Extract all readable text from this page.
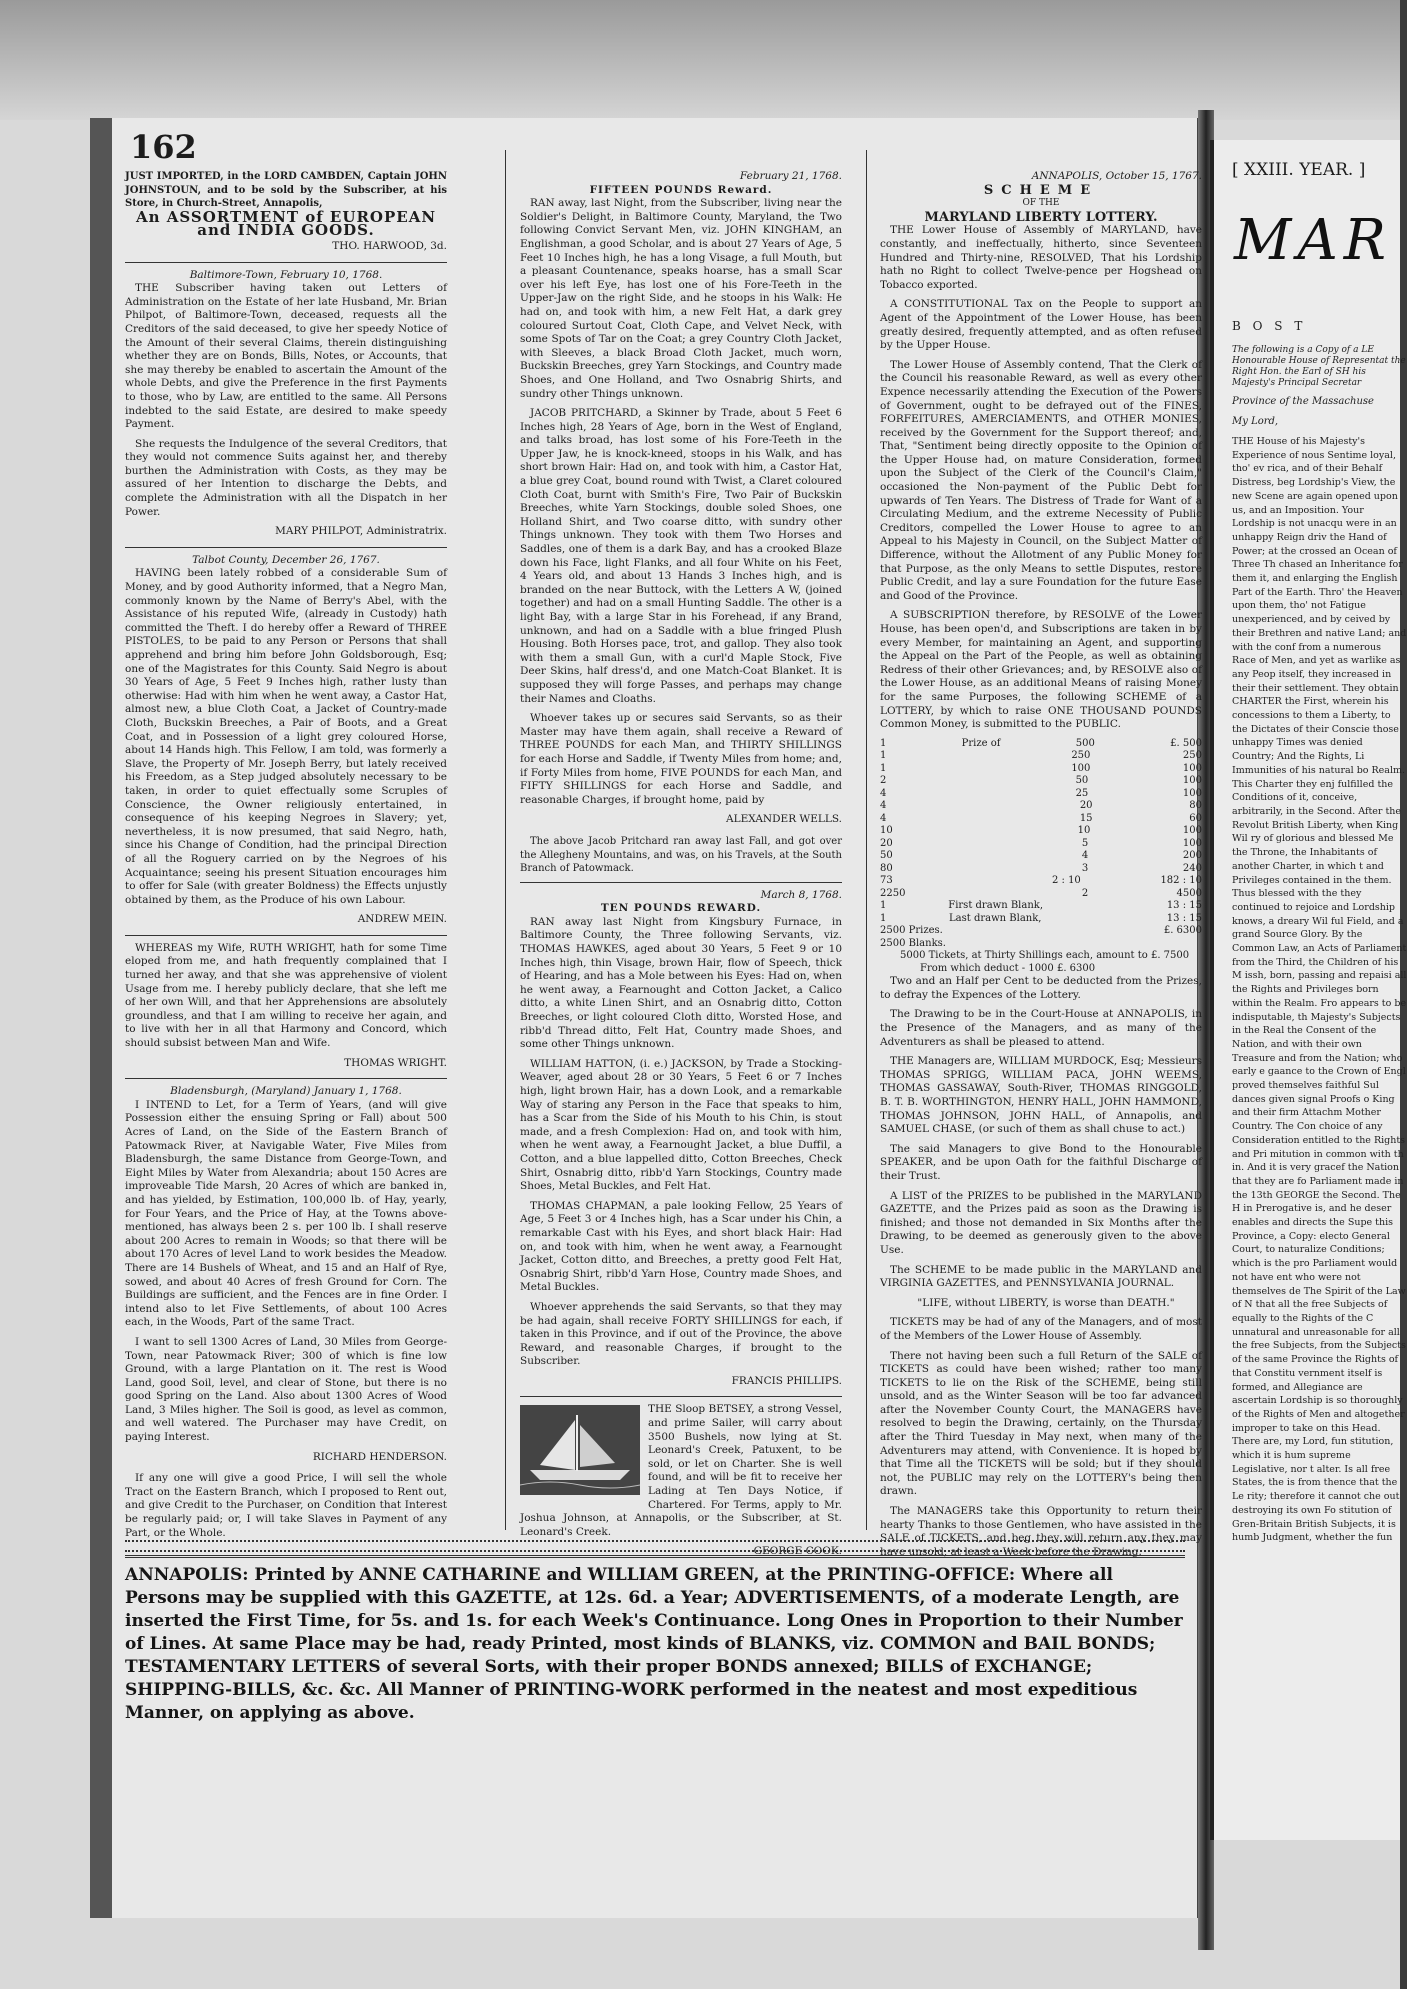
[ XXIII. YEAR. ]
MAR
B O S T
The following is a Copy of a LE Honourable House of Representat the Right Hon. the Earl of SH his Majesty's Principal Secretar
Province of the Massachuse
My Lord,
THE House of his Majesty's Experience of nous Sentime loyal, tho' ev rica, and of their Behalf Distress, beg Lordship's View, the new Scene are again opened upon us, and an Imposition. Your Lordship is not unacqu were in an unhappy Reign driv the Hand of Power; at the crossed an Ocean of Three Th chased an Inheritance for them it, and enlarging the English Part of the Earth. Thro' the Heaven upon them, tho' not Fatigue unexperienced, and by ceived by their Brethren and native Land; and with the conf from a numerous Race of Men, and yet as warlike as any Peop itself, they increased in their their settlement. They obtain CHARTER the First, wherein his concessions to them a Liberty, to the Dictates of their Conscie those unhappy Times was denied Country; And the Rights, Li Immunities of his natural bo Realm. This Charter they enj fulfilled the Conditions of it, conceive, arbitrarily, in the Second. After the Revolut British Liberty, when King Wil ry of glorious and blessed Me the Throne, the Inhabitants of another Charter, in which t and Privileges contained in the them. Thus blessed with the they continued to rejoice and Lordship knows, a dreary Wil ful Field, and a grand Source Glory. By the Common Law, an Acts of Parliament from the Third, the Children of his M issh, born, passing and repaisi all the Rights and Privileges born within the Realm. Fro appears to be indisputable, th Majesty's Subjects in the Real the Consent of the Nation, and with their own Treasure and from the Nation; who early e gaance to the Crown of Engl proved themselves faithful Sul dances given signal Proofs o King and their firm Attachm Mother Country. The Con choice of any Consideration entitled to the Rights and Pri mitution in common with th in. And it is very gracef the Nation that they are fo Parliament made in the 13th GEORGE the Second. The H in Prerogative is, and he deser enables and directs the Supe this Province, a Copy: electo General Court, to naturalize Conditions; which is the pro Parliament would not have ent who were not themselves de The Spirit of the Law of N that all the free Subjects of equally to the Rights of the C unnatural and unreasonable for all the free Subjects, from the Subjects of the same Province the Rights of that Constitu vernment itself is formed, and Allegiance are ascertain Lordship is so thoroughly of the Rights of Men and altogether improper to take on this Head. There are, my Lord, fun stitution, which it is hum supreme Legislative, nor t alter. Is all free States, the is from thence that the Le rity; therefore it cannot che out destroying its own Fo stitution of Gren-Britain British Subjects, it is humb Judgment, whether the fun
162
JUST IMPORTED, in the LORD CAMBDEN, Captain JOHN JOHNSTOUN, and to be sold by the Subscriber, at his Store, in Church-Street, Annapolis,
An ASSORTMENT of EUROPEAN and INDIA GOODS.
THO. HARWOOD, 3d.
Baltimore-Town, February 10, 1768.

THE Subscriber having taken out Letters of Administration on the Estate of her late Husband, Mr. Brian Philpot, of Baltimore-Town, deceased, requests all the Creditors of the said deceased, to give her speedy Notice of the Amount of their several Claims, therein distinguishing whether they are on Bonds, Bills, Notes, or Accounts, that she may thereby be enabled to ascertain the Amount of the whole Debts, and give the Preference in the first Payments to those, who by Law, are entitled to the same. All Persons indebted to the said Estate, are desired to make speedy Payment.

She requests the Indulgence of the several Creditors, that they would not commence Suits against her, and thereby burthen the Administration with Costs, as they may be assured of her Intention to discharge the Debts, and complete the Administration with all the Dispatch in her Power.

MARY PHILPOT, Administratrix.
Talbot County, December 26, 1767.

HAVING been lately robbed of a considerable Sum of Money, and by good Authority informed, that a Negro Man, commonly known by the Name of Berry's Abel, with the Assistance of his reputed Wife, (already in Custody) hath committed the Theft. I do hereby offer a Reward of THREE PISTOLES, to be paid to any Person or Persons that shall apprehend and bring him before John Goldsborough, Esq; one of the Magistrates for this County. Said Negro is about 30 Years of Age, 5 Feet 9 Inches high, rather lusty than otherwise: Had with him when he went away, a Castor Hat, almost new, a blue Cloth Coat, a Jacket of Country-made Cloth, Buckskin Breeches, a Pair of Boots, and a Great Coat, and in Possession of a light grey coloured Horse, about 14 Hands high. This Fellow, I am told, was formerly a Slave, the Property of Mr. Joseph Berry, but lately received his Freedom, as a Step judged absolutely necessary to be taken, in order to quiet effectually some Scruples of Conscience, the Owner religiously entertained, in consequence of his keeping Negroes in Slavery; yet, nevertheless, it is now presumed, that said Negro, hath, since his Change of Condition, had the principal Direction of all the Roguery carried on by the Negroes of his Acquaintance; seeing his present Situation encourages him to offer for Sale (with greater Boldness) the Effects unjustly obtained by them, as the Produce of his own Labour.

ANDREW MEIN.

WHEREAS my Wife, RUTH WRIGHT, hath for some Time eloped from me, and hath frequently complained that I turned her away, and that she was apprehensive of violent Usage from me. I hereby publicly declare, that she left me of her own Will, and that her Apprehensions are absolutely groundless, and that I am willing to receive her again, and to live with her in all that Harmony and Concord, which should subsist between Man and Wife.

THOMAS WRIGHT.
Bladensburgh, (Maryland) January 1, 1768.

I INTEND to Let, for a Term of Years, (and will give Possession either the ensuing Spring or Fall) about 500 Acres of Land, on the Side of the Eastern Branch of Patowmack River, at Navigable Water, Five Miles from Bladensburgh, the same Distance from George-Town, and Eight Miles by Water from Alexandria; about 150 Acres are improveable Tide Marsh, 20 Acres of which are banked in, and has yielded, by Estimation, 100,000 lb. of Hay, yearly, for Four Years, and the Price of Hay, at the Towns above-mentioned, has always been 2 s. per 100 lb. I shall reserve about 200 Acres to remain in Woods; so that there will be about 170 Acres of level Land to work besides the Meadow. There are 14 Bushels of Wheat, and 15 and an Half of Rye, sowed, and about 40 Acres of fresh Ground for Corn. The Buildings are sufficient, and the Fences are in fine Order. I intend also to let Five Settlements, of about 100 Acres each, in the Woods, Part of the same Tract.

I want to sell 1300 Acres of Land, 30 Miles from George-Town, near Patowmack River; 300 of which is fine low Ground, with a large Plantation on it. The rest is Wood Land, good Soil, level, and clear of Stone, but there is no good Spring on the Land. Also about 1300 Acres of Wood Land, 3 Miles higher. The Soil is good, as level as common, and well watered. The Purchaser may have Credit, on paying Interest.

RICHARD HENDERSON.

If any one will give a good Price, I will sell the whole Tract on the Eastern Branch, which I proposed to Rent out, and give Credit to the Purchaser, on Condition that Interest be regularly paid; or, I will take Slaves in Payment of any Part, or the Whole.

February 21, 1768.
FIFTEEN POUNDS Reward.

RAN away, last Night, from the Subscriber, living near the Soldier's Delight, in Baltimore County, Maryland, the Two following Convict Servant Men, viz. JOHN KINGHAM, an Englishman, a good Scholar, and is about 27 Years of Age, 5 Feet 10 Inches high, he has a long Visage, a full Mouth, but a pleasant Countenance, speaks hoarse, has a small Scar over his left Eye, has lost one of his Fore-Teeth in the Upper-Jaw on the right Side, and he stoops in his Walk: He had on, and took with him, a new Felt Hat, a dark grey coloured Surtout Coat, Cloth Cape, and Velvet Neck, with some Spots of Tar on the Coat; a grey Country Cloth Jacket, with Sleeves, a black Broad Cloth Jacket, much worn, Buckskin Breeches, grey Yarn Stockings, and Country made Shoes, and One Holland, and Two Osnabrig Shirts, and sundry other Things unknown.

JACOB PRITCHARD, a Skinner by Trade, about 5 Feet 6 Inches high, 28 Years of Age, born in the West of England, and talks broad, has lost some of his Fore-Teeth in the Upper Jaw, he is knock-kneed, stoops in his Walk, and has short brown Hair: Had on, and took with him, a Castor Hat, a blue grey Coat, bound round with Twist, a Claret coloured Cloth Coat, burnt with Smith's Fire, Two Pair of Buckskin Breeches, white Yarn Stockings, double soled Shoes, one Holland Shirt, and Two coarse ditto, with sundry other Things unknown. They took with them Two Horses and Saddles, one of them is a dark Bay, and has a crooked Blaze down his Face, light Flanks, and all four White on his Feet, 4 Years old, and about 13 Hands 3 Inches high, and is branded on the near Buttock, with the Letters A W, (joined together) and had on a small Hunting Saddle. The other is a light Bay, with a large Star in his Forehead, if any Brand, unknown, and had on a Saddle with a blue fringed Plush Housing. Both Horses pace, trot, and gallop. They also took with them a small Gun, with a curl'd Maple Stock, Five Deer Skins, half dress'd, and one Match-Coat Blanket. It is supposed they will forge Passes, and perhaps may change their Names and Cloaths.

Whoever takes up or secures said Servants, so as their Master may have them again, shall receive a Reward of THREE POUNDS for each Man, and THIRTY SHILLINGS for each Horse and Saddle, if Twenty Miles from home; and, if Forty Miles from home, FIVE POUNDS for each Man, and FIFTY SHILLINGS for each Horse and Saddle, and reasonable Charges, if brought home, paid by

ALEXANDER WELLS.

The above Jacob Pritchard ran away last Fall, and got over the Allegheny Mountains, and was, on his Travels, at the South Branch of Patowmack.

March 8, 1768.
TEN POUNDS REWARD.

RAN away last Night from Kingsbury Furnace, in Baltimore County, the Three following Servants, viz. THOMAS HAWKES, aged about 30 Years, 5 Feet 9 or 10 Inches high, thin Visage, brown Hair, flow of Speech, thick of Hearing, and has a Mole between his Eyes: Had on, when he went away, a Fearnought and Cotton Jacket, a Calico ditto, a white Linen Shirt, and an Osnabrig ditto, Cotton Breeches, or light coloured Cloth ditto, Worsted Hose, and ribb'd Thread ditto, Felt Hat, Country made Shoes, and some other Things unknown.

WILLIAM HATTON, (i. e.) JACKSON, by Trade a Stocking-Weaver, aged about 28 or 30 Years, 5 Feet 6 or 7 Inches high, light brown Hair, has a down Look, and a remarkable Way of staring any Person in the Face that speaks to him, has a Scar from the Side of his Mouth to his Chin, is stout made, and a fresh Complexion: Had on, and took with him, when he went away, a Fearnought Jacket, a blue Duffil, a Cotton, and a blue lappelled ditto, Cotton Breeches, Check Shirt, Osnabrig ditto, ribb'd Yarn Stockings, Country made Shoes, Metal Buckles, and Felt Hat.

THOMAS CHAPMAN, a pale looking Fellow, 25 Years of Age, 5 Feet 3 or 4 Inches high, has a Scar under his Chin, a remarkable Cast with his Eyes, and short black Hair: Had on, and took with him, when he went away, a Fearnought Jacket, Cotton ditto, and Breeches, a pretty good Felt Hat, Osnabrig Shirt, ribb'd Yarn Hose, Country made Shoes, and Metal Buckles.

Whoever apprehends the said Servants, so that they may be had again, shall receive FORTY SHILLINGS for each, if taken in this Province, and if out of the Province, the above Reward, and reasonable Charges, if brought to the Subscriber.

FRANCIS PHILLIPS.

THE Sloop BETSEY, a strong Vessel, and prime Sailer, will carry about 3500 Bushels, now lying at St. Leonard's Creek, Patuxent, to be sold, or let on Charter. She is well found, and will be fit to receive her Lading at Ten Days Notice, if Chartered. For Terms, apply to Mr. Joshua Johnson, at Annapolis, or the Subscriber, at St. Leonard's Creek.

GEORGE COOK.
ANNAPOLIS, October 15, 1767.
SCHEME
OF THE
MARYLAND LIBERTY LOTTERY.

THE Lower House of Assembly of MARYLAND, have constantly, and ineffectually, hitherto, since Seventeen Hundred and Thirty-nine, RESOLVED, That his Lordship hath no Right to collect Twelve-pence per Hogshead on Tobacco exported.

A CONSTITUTIONAL Tax on the People to support an Agent of the Appointment of the Lower House, has been greatly desired, frequently attempted, and as often refused by the Upper House.

The Lower House of Assembly contend, That the Clerk of the Council his reasonable Reward, as well as every other Expence necessarily attending the Execution of the Powers of Government, ought to be defrayed out of the FINES, FORFEITURES, AMERCIAMENTS, and OTHER MONIES, received by the Government for the Support thereof; and, That, "Sentiment being directly opposite to the Opinion of the Upper House had, on mature Consideration, formed upon the Subject of the Clerk of the Council's Claim," occasioned the Non-payment of the Public Debt for upwards of Ten Years. The Distress of Trade for Want of a Circulating Medium, and the extreme Necessity of Public Creditors, compelled the Lower House to agree to an Appeal to his Majesty in Council, on the Subject Matter of Difference, without the Allotment of any Public Money for that Purpose, as the only Means to settle Disputes, restore Public Credit, and lay a sure Foundation for the future Ease and Good of the Province.

A SUBSCRIPTION therefore, by RESOLVE of the Lower House, has been open'd, and Subscriptions are taken in by every Member, for maintaining an Agent, and supporting the Appeal on the Part of the People, as well as obtaining Redress of their other Grievances; and, by RESOLVE also of the Lower House, as an additional Means of raising Money for the same Purposes, the following SCHEME of a LOTTERY, by which to raise ONE THOUSAND POUNDS Common Money, is submitted to the PUBLIC.

1	Prize of	500	£. 500
1	250	250
1	100	100
2	50	100
4	25	100
4	20	80
4	15	60
10	10	100
20	5	100
50	4	200
80	3	240
73	2 : 10	182 : 10
2250	2	4500
1	First drawn Blank,	13 : 15
1	Last drawn Blank,	13 : 15
2500 Prizes.	£. 6300
2500 Blanks.
5000 Tickets, at Thirty Shillings each, amount to £. 7500
From which deduct - 1000 £. 6300

Two and an Half per Cent to be deducted from the Prizes, to defray the Expences of the Lottery.

The Drawing to be in the Court-House at ANNAPOLIS, in the Presence of the Managers, and as many of the Adventurers as shall be pleased to attend.

THE Managers are, WILLIAM MURDOCK, Esq; Messieurs THOMAS SPRIGG, WILLIAM PACA, JOHN WEEMS, THOMAS GASSAWAY, South-River, THOMAS RINGGOLD, B. T. B. WORTHINGTON, HENRY HALL, JOHN HAMMOND, THOMAS JOHNSON, JOHN HALL, of Annapolis, and SAMUEL CHASE, (or such of them as shall chuse to act.)

The said Managers to give Bond to the Honourable SPEAKER, and be upon Oath for the faithful Discharge of their Trust.

A LIST of the PRIZES to be published in the MARYLAND GAZETTE, and the Prizes paid as soon as the Drawing is finished; and those not demanded in Six Months after the Drawing, to be deemed as generously given to the above Use.

The SCHEME to be made public in the MARYLAND and VIRGINIA GAZETTES, and PENNSYLVANIA JOURNAL.

"LIFE, without LIBERTY, is worse than DEATH."

TICKETS may be had of any of the Managers, and of most of the Members of the Lower House of Assembly.

There not having been such a full Return of the SALE of TICKETS as could have been wished; rather too many TICKETS to lie on the Risk of the SCHEME, being still unsold, and as the Winter Season will be too far advanced after the November County Court, the MANAGERS have resolved to begin the Drawing, certainly, on the Thursday after the Third Tuesday in May next, when many of the Adventurers may attend, with Convenience. It is hoped by that Time all the TICKETS will be sold; but if they should not, the PUBLIC may rely on the LOTTERY's being then drawn.

The MANAGERS take this Opportunity to return their hearty Thanks to those Gentlemen, who have assisted in the SALE of TICKETS, and beg they will return any they may have unsold, at least a Week before the Drawing.

ANNAPOLIS: Printed by ANNE CATHARINE and WILLIAM GREEN, at the PRINTING-OFFICE: Where all Persons may be supplied with this GAZETTE, at 12s. 6d. a Year; ADVERTISEMENTS, of a moderate Length, are inserted the First Time, for 5s. and 1s. for each Week's Continuance. Long Ones in Proportion to their Number of Lines. At same Place may be had, ready Printed, most kinds of BLANKS, viz. COMMON and BAIL BONDS; TESTAMENTARY LETTERS of several Sorts, with their proper BONDS annexed; BILLS of EXCHANGE; SHIPPING-BILLS, &c. &c. All Manner of PRINTING-WORK performed in the neatest and most expeditious Manner, on applying as above.
